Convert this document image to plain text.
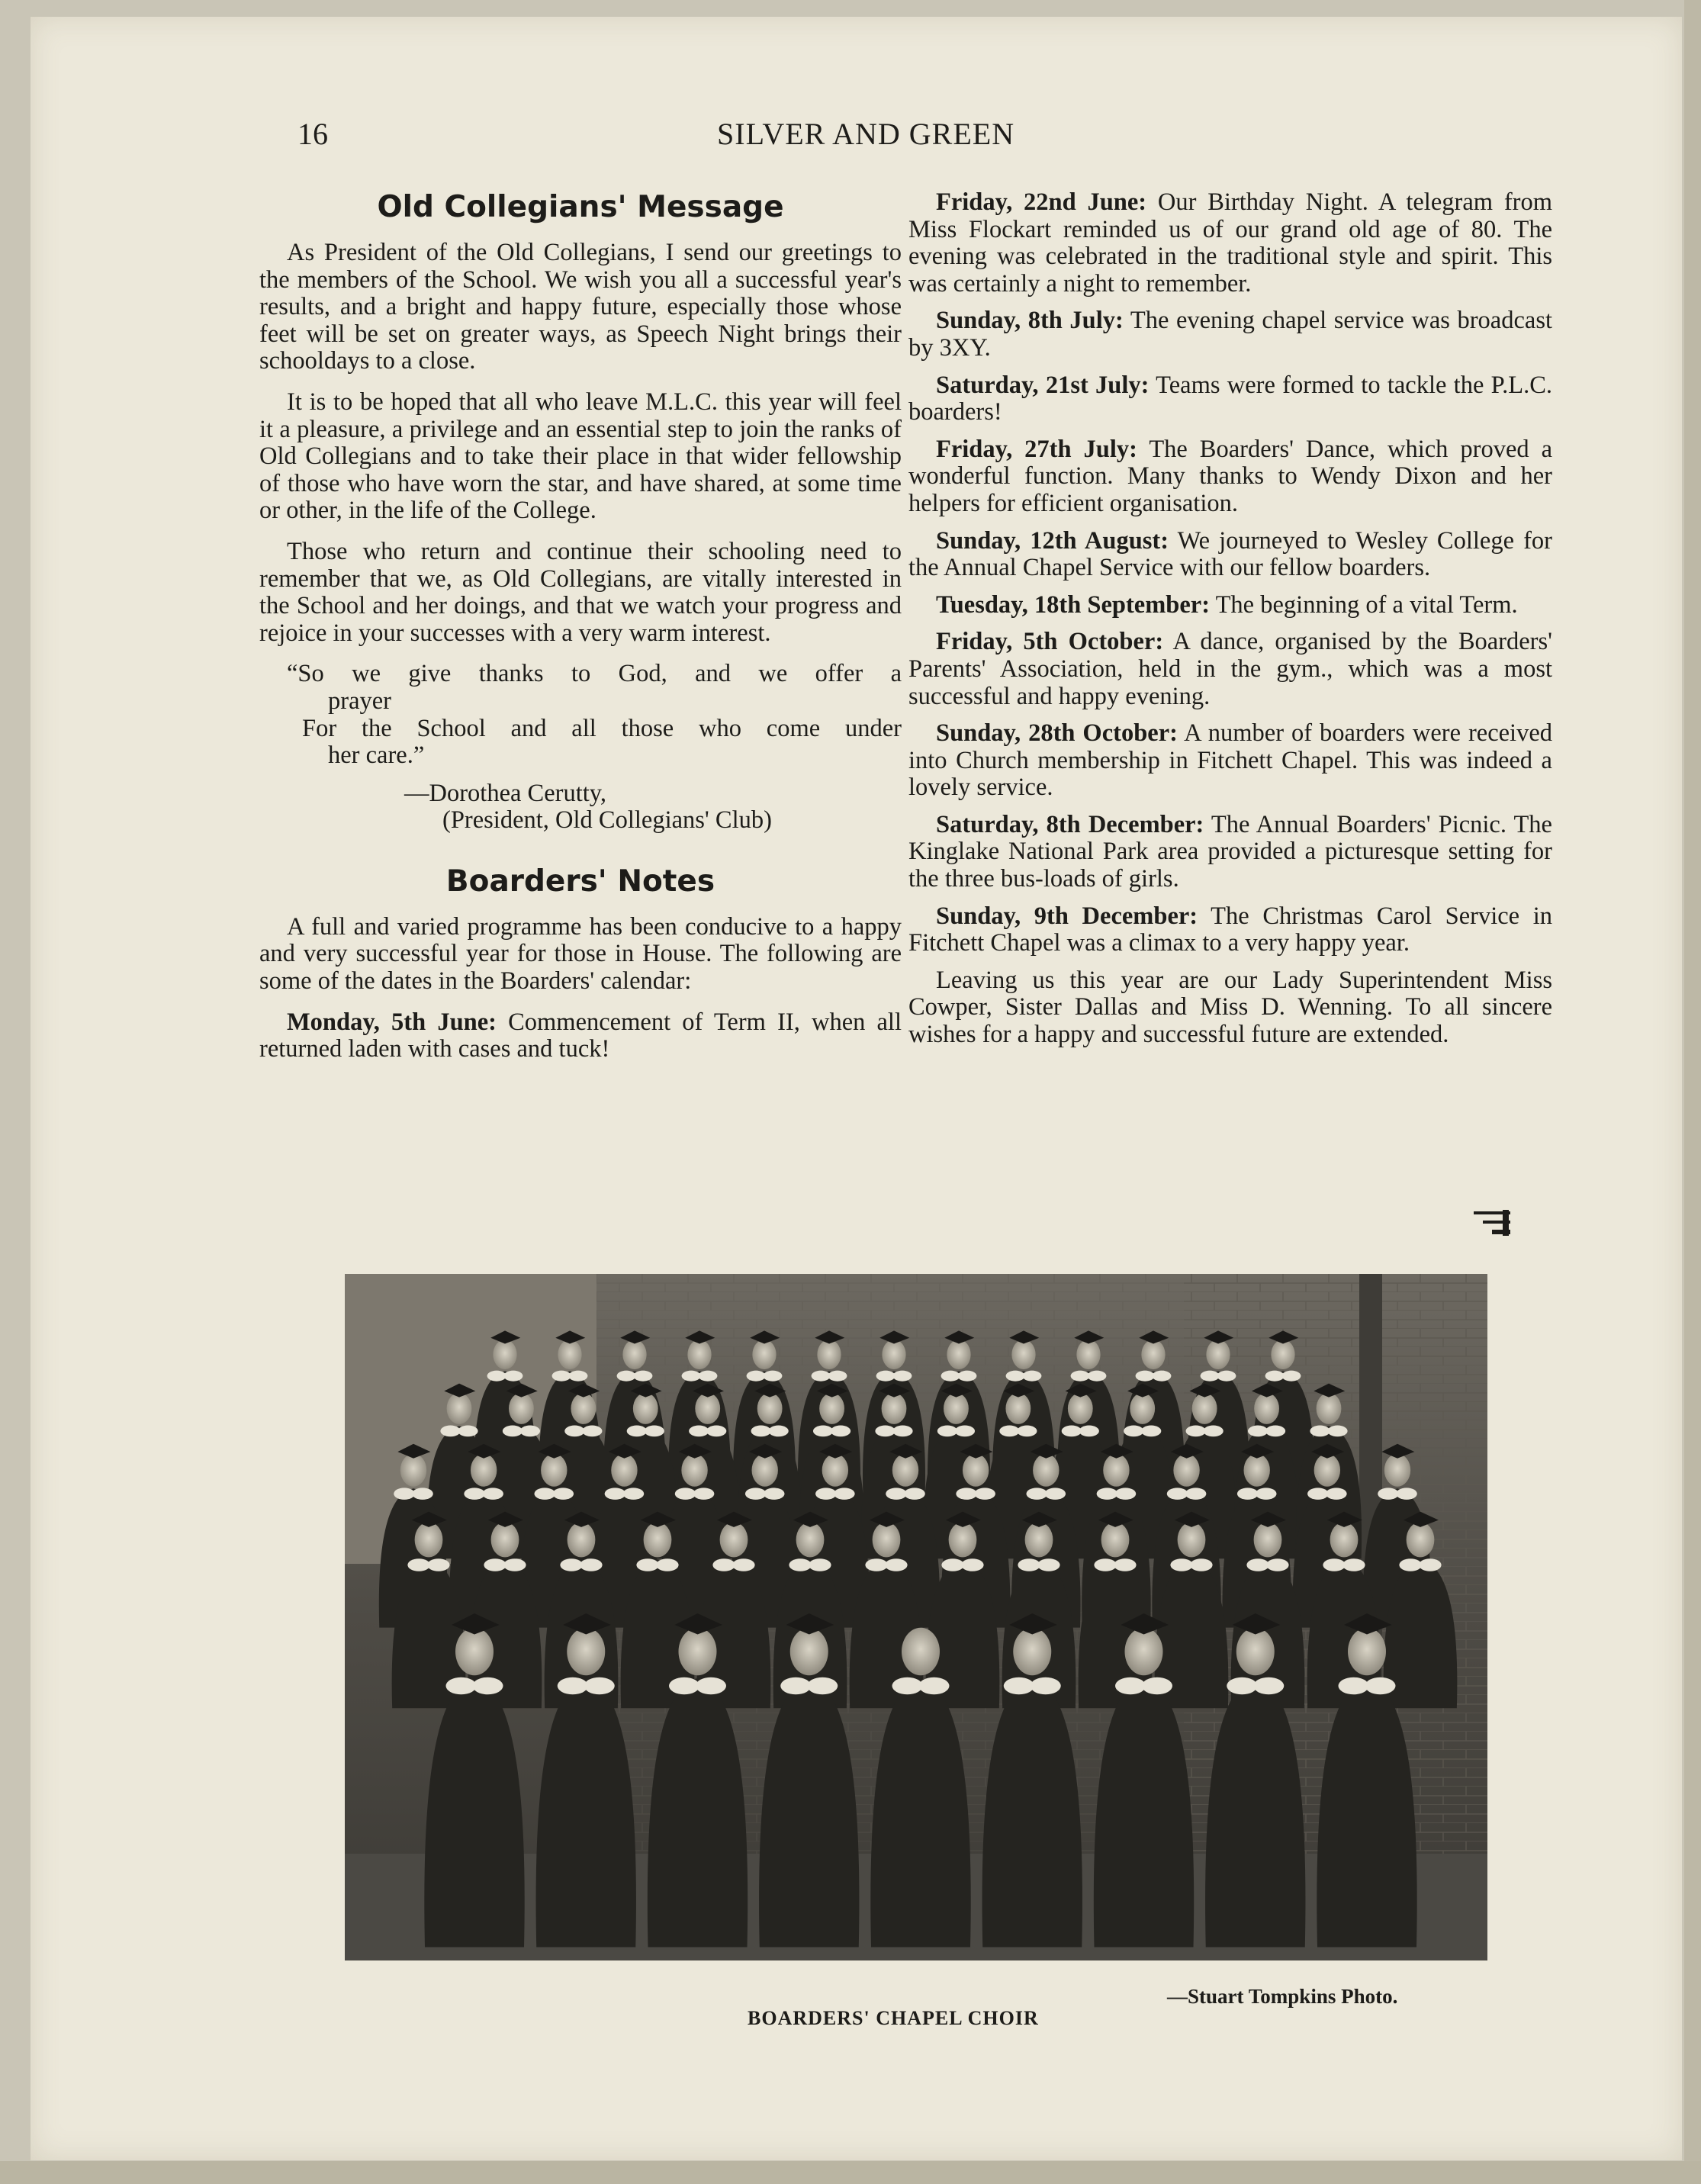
16	SILVER AND GREEN
Old Collegians' Message

As President of the Old Collegians, I send our greetings to the members of the School. We wish you all a successful year's results, and a bright and happy future, especially those whose feet will be set on greater ways, as Speech Night brings their schooldays to a close.

It is to be hoped that all who leave M.L.C. this year will feel it a pleasure, a privilege and an essential step to join the ranks of Old Collegians and to take their place in that wider fellowship of those who have worn the star, and have shared, at some time or other, in the life of the College.

Those who return and continue their schooling need to remember that we, as Old Collegians, are vitally interested in the School and her doings, and that we watch your progress and rejoice in your successes with a very warm interest.

“So we give thanks to God, and we offer a
prayer
For the School and all those who come under
her care.”

—Dorothea Cerutty,

(President, Old Collegians' Club)

Boarders' Notes

A full and varied programme has been conducive to a happy and very successful year for those in House. The following are some of the dates in the Boarders' calendar:

Monday, 5th June: Commencement of Term II, when all returned laden with cases and tuck!

Friday, 22nd June: Our Birthday Night. A telegram from Miss Flockart reminded us of our grand old age of 80. The evening was celebrated in the traditional style and spirit. This was certainly a night to remember.

Sunday, 8th July: The evening chapel service was broadcast by 3XY.

Saturday, 21st July: Teams were formed to tackle the P.L.C. boarders!

Friday, 27th July: The Boarders' Dance, which proved a wonderful function. Many thanks to Wendy Dixon and her helpers for efficient organisation.

Sunday, 12th August: We journeyed to Wesley College for the Annual Chapel Service with our fellow boarders.

Tuesday, 18th September: The beginning of a vital Term.

Friday, 5th October: A dance, organised by the Boarders' Parents' Association, held in the gym., which was a most successful and happy evening.

Sunday, 28th October: A number of boarders were received into Church membership in Fitchett Chapel. This was indeed a lovely service.

Saturday, 8th December: The Annual Boarders' Picnic. The Kinglake National Park area provided a picturesque setting for the three bus-loads of girls.

Sunday, 9th December: The Christmas Carol Service in Fitchett Chapel was a climax to a very happy year.

Leaving us this year are our Lady Superintendent Miss Cowper, Sister Dallas and Miss D. Wenning. To all sincere wishes for a happy and successful future are extended.

—Stuart Tompkins Photo.
BOARDERS' CHAPEL CHOIR
